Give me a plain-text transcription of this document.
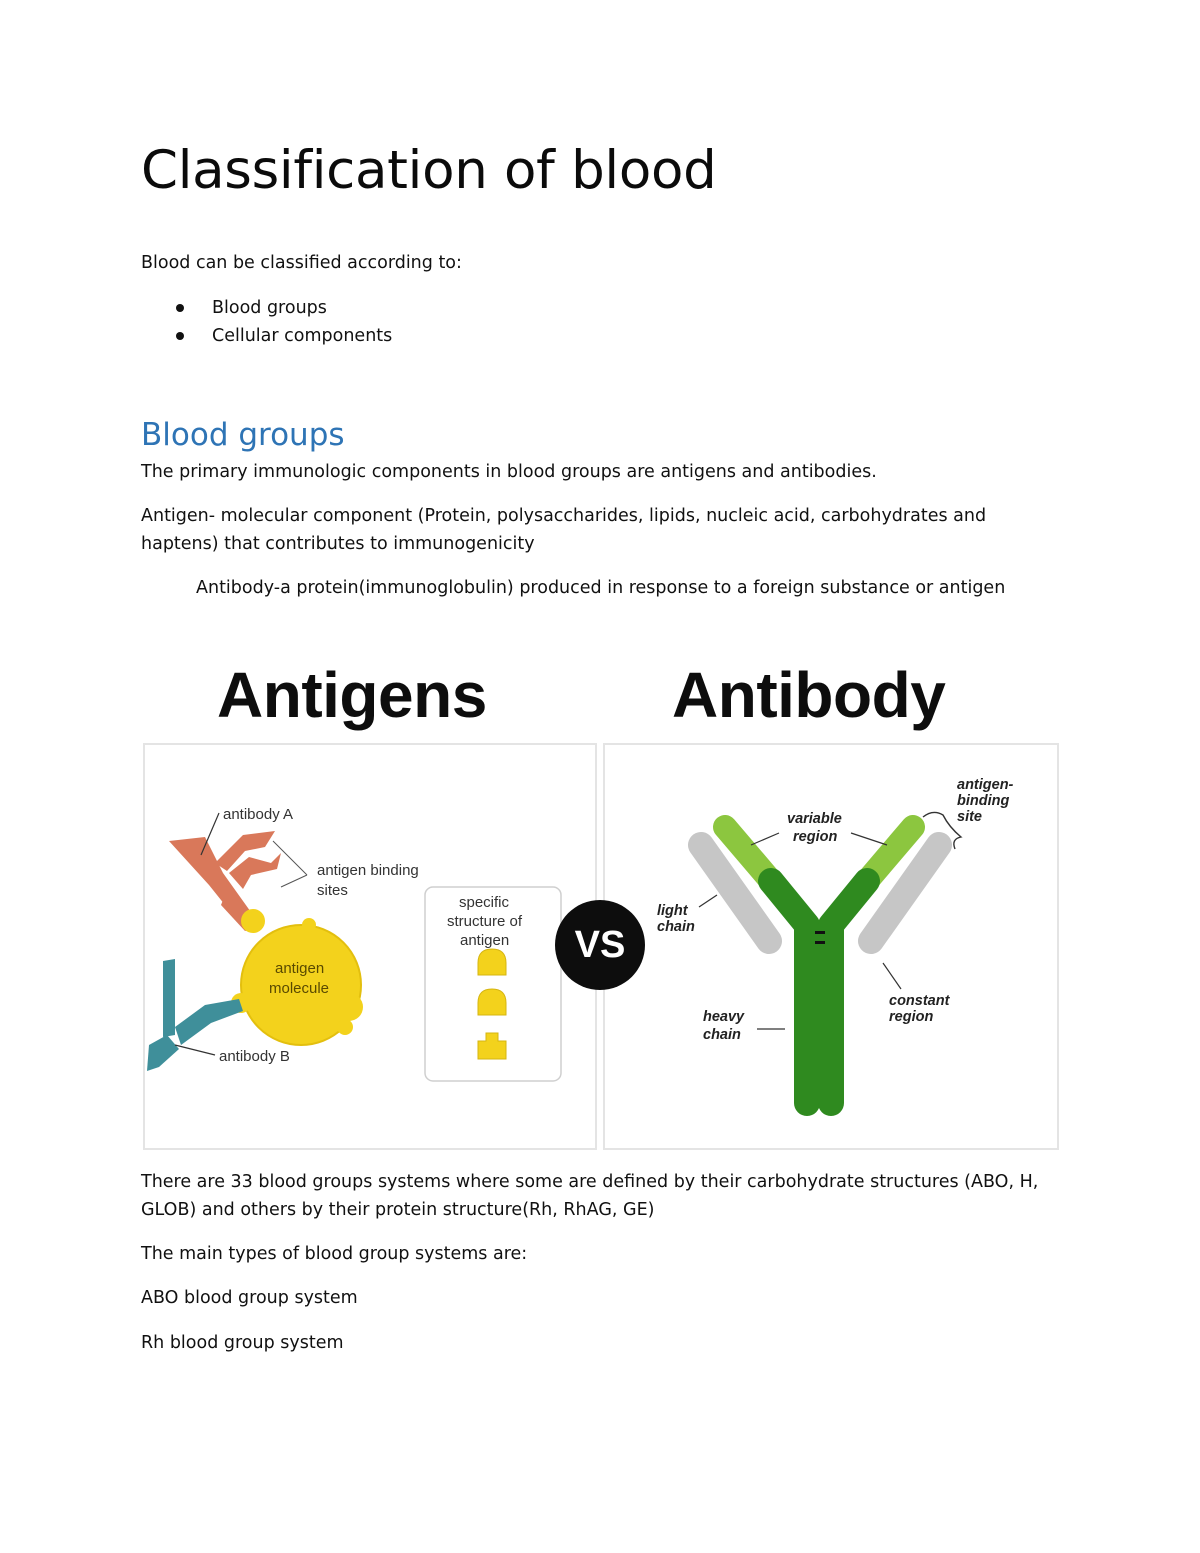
Classification of blood
Blood can be classified according to:
Blood groups
Cellular components
Blood groups
The primary immunologic components in blood groups are antigens and antibodies.
Antigen- molecular component (Protein, polysaccharides, lipids, nucleic acid, carbohydrates and
haptens) that contributes to immunogenicity
Antibody-a protein(immunoglobulin) produced in response to a foreign substance or antigen
Antigens	Antibody
antibody A
antigen binding
sites
antigen
molecule
antibody B
specific
structure of
antigen
antigen-
binding
site
variable
region
light
chain
constant
region
heavy
chain
VS
There are 33 blood groups systems where some are defined by their carbohydrate structures (ABO, H,
GLOB) and others by their protein structure(Rh, RhAG, GE)
The main types of blood group systems are:
ABO blood group system
Rh blood group system
